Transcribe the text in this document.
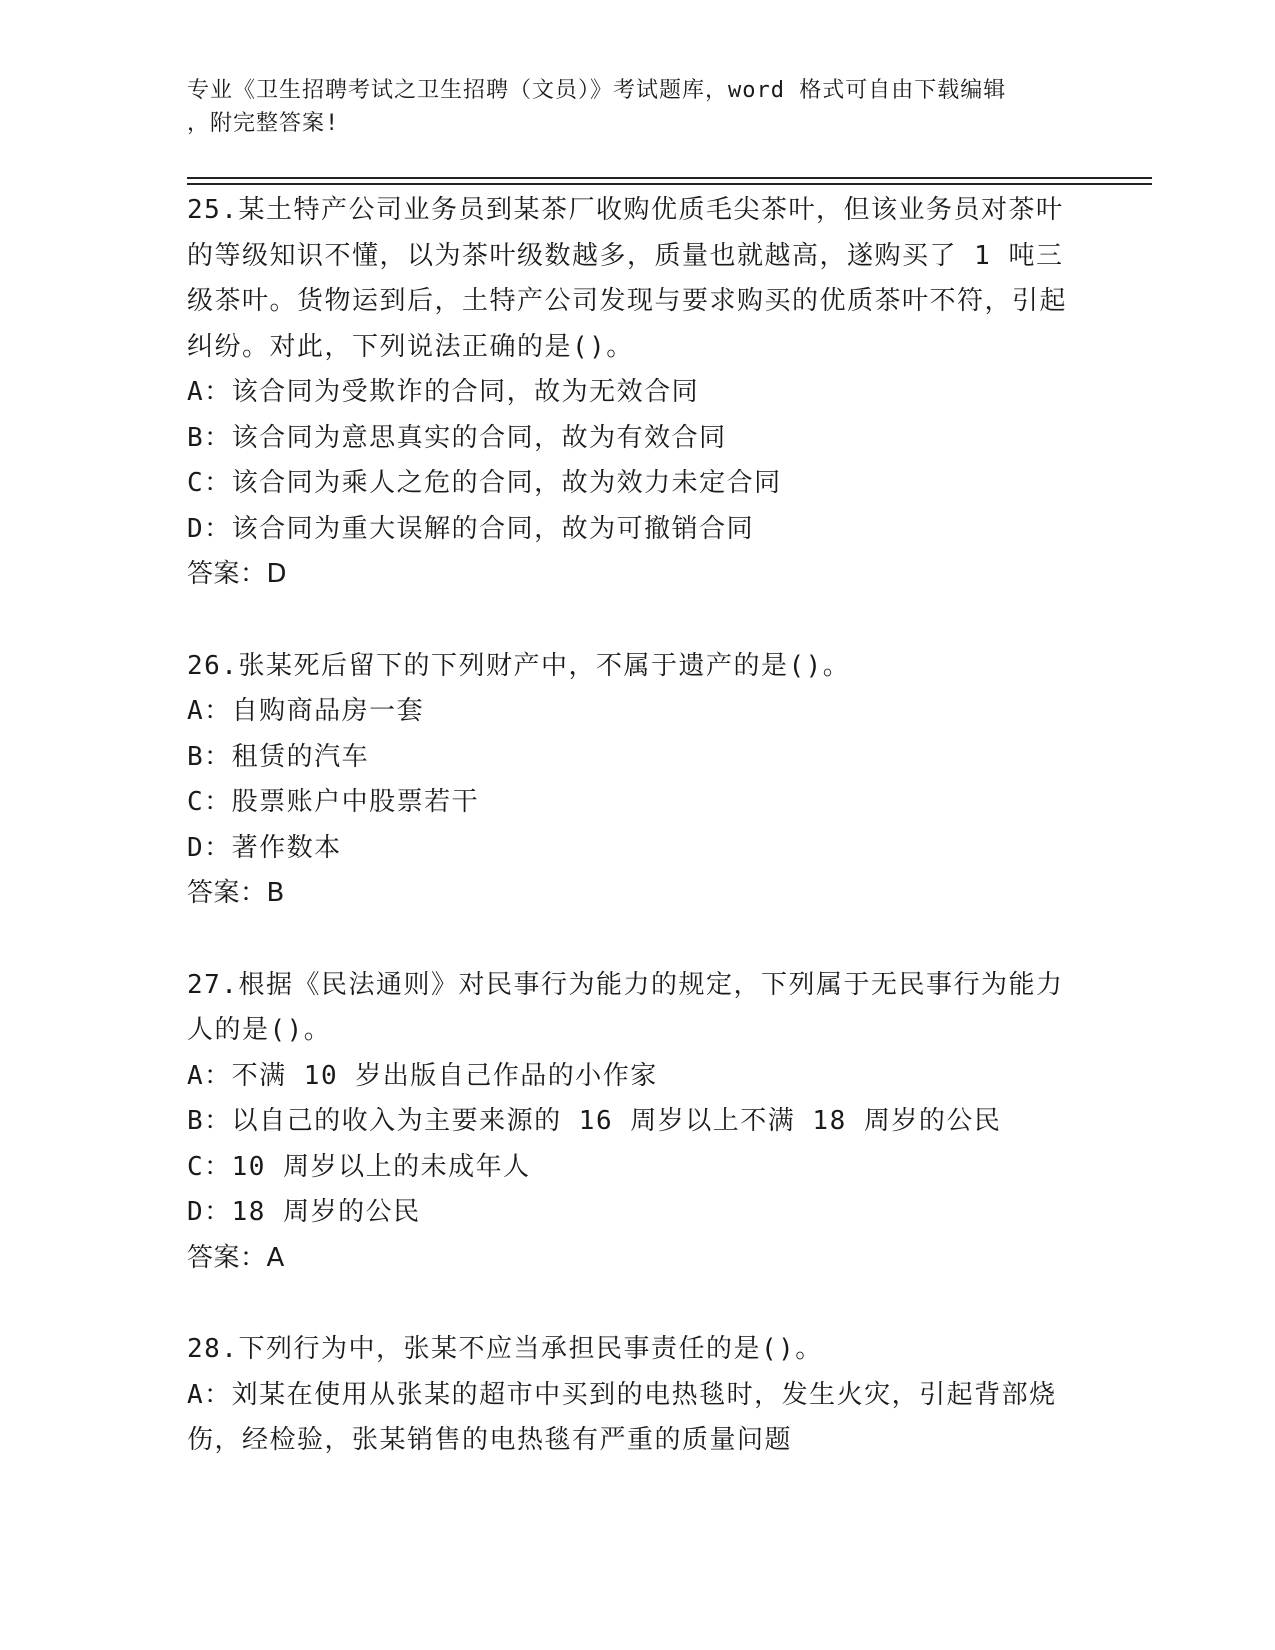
专业《卫生招聘考试之卫生招聘（文员）》考试题库，word 格式可自由下载编辑
，附完整答案!

25.某土特产公司业务员到某茶厂收购优质毛尖茶叶，但该业务员对茶叶的等级知识不懂，以为茶叶级数越多，质量也就越高，遂购买了 1 吨三级茶叶。货物运到后，土特产公司发现与要求购买的优质茶叶不符，引起纠纷。对此，下列说法正确的是()。

A：该合同为受欺诈的合同，故为无效合同

B：该合同为意思真实的合同，故为有效合同

C：该合同为乘人之危的合同，故为效力未定合同

D：该合同为重大误解的合同，故为可撤销合同

答案：D

26.张某死后留下的下列财产中，不属于遗产的是()。

A：自购商品房一套

B：租赁的汽车

C：股票账户中股票若干

D：著作数本

答案：B

27.根据《民法通则》对民事行为能力的规定，下列属于无民事行为能力人的是()。

A：不满 10 岁出版自己作品的小作家

B：以自己的收入为主要来源的 16 周岁以上不满 18 周岁的公民

C：10 周岁以上的未成年人

D：18 周岁的公民

答案：A

28.下列行为中，张某不应当承担民事责任的是()。

A：刘某在使用从张某的超市中买到的电热毯时，发生火灾，引起背部烧伤，经检验，张某销售的电热毯有严重的质量问题
